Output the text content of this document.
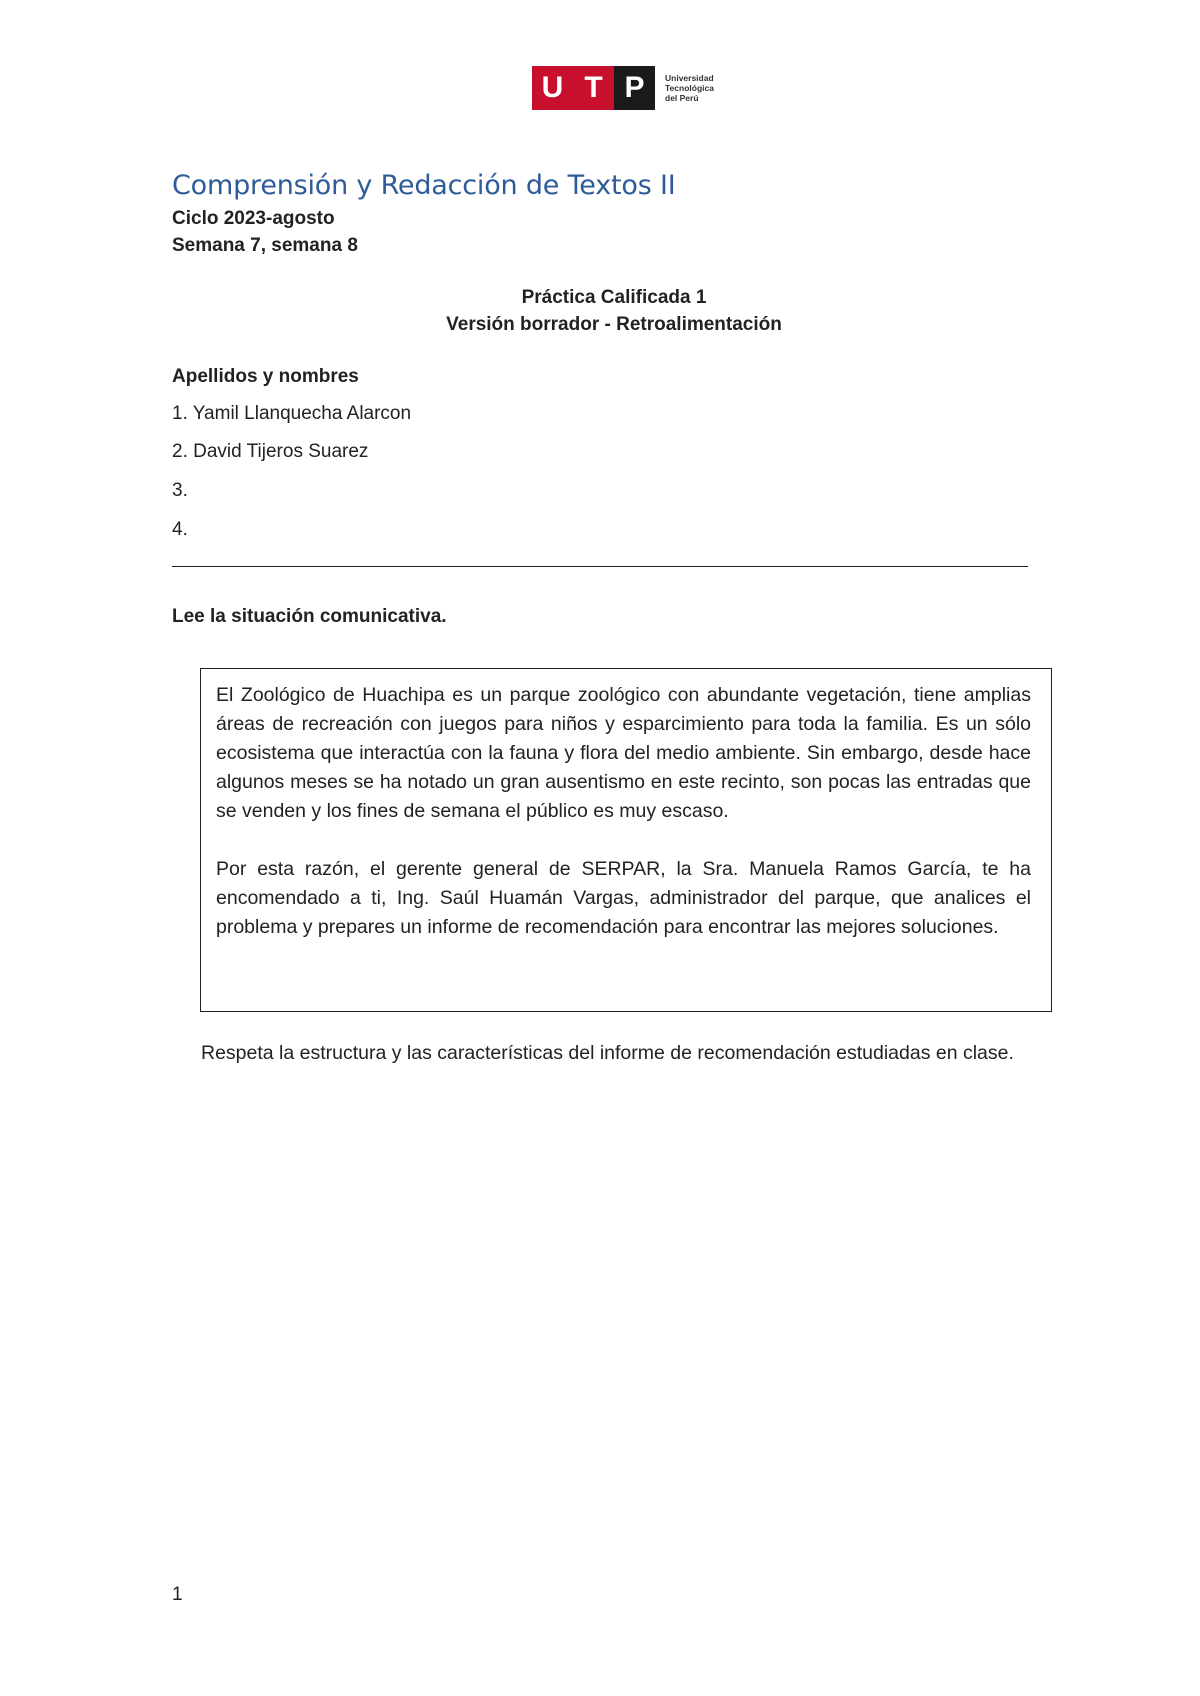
U T P	Universidad
Tecnológica
del Perú
Comprensión y Redacción de Textos II
Ciclo 2023-agosto
Semana 7, semana 8
Práctica Calificada 1
Versión borrador - Retroalimentación
Apellidos y nombres
1. Yamil Llanquecha Alarcon
2. David Tijeros Suarez
3.
4.
Lee la situación comunicativa.

El Zoológico de Huachipa es un parque zoológico con abundante vegetación, tiene amplias áreas de recreación con juegos para niños y esparcimiento para toda la familia. Es un sólo ecosistema que interactúa con la fauna y flora del medio ambiente. Sin embargo, desde hace algunos meses se ha notado un gran ausentismo en este recinto, son pocas las entradas que se venden y los fines de semana el público es muy escaso.

Por esta razón, el gerente general de SERPAR, la Sra. Manuela Ramos García, te ha encomendado a ti, Ing. Saúl Huamán Vargas, administrador del parque, que analices el problema y prepares un informe de recomendación para encontrar las mejores soluciones.

Respeta la estructura y las características del informe de recomendación estudiadas en clase.

1
